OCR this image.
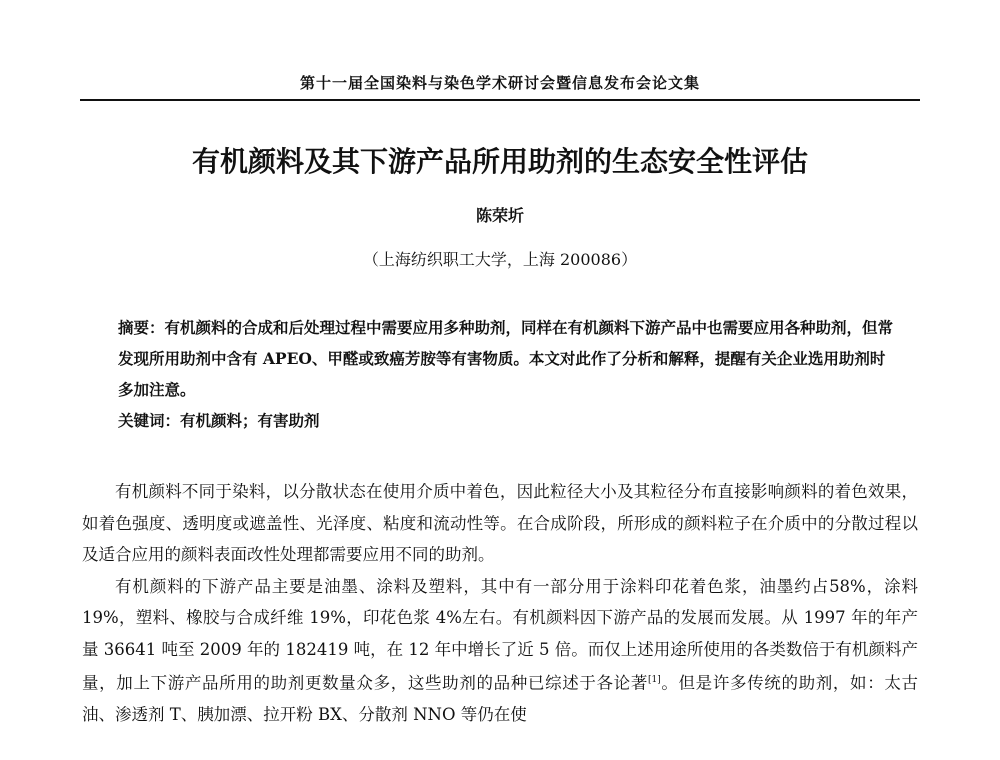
第十一届全国染料与染色学术研讨会暨信息发布会论文集
有机颜料及其下游产品所用助剂的生态安全性评估
陈荣圻
（上海纺织职工大学，上海 200086）
摘要：有机颜料的合成和后处理过程中需要应用多种助剂，同样在有机颜料下游产品中也需要应用各种助剂，但常发现所用助剂中含有 APEO、甲醛或致癌芳胺等有害物质。本文对此作了分析和解释，提醒有关企业选用助剂时多加注意。
关键词：有机颜料；有害助剂

有机颜料不同于染料，以分散状态在使用介质中着色，因此粒径大小及其粒径分布直接影响颜料的着色效果，如着色强度、透明度或遮盖性、光泽度、粘度和流动性等。在合成阶段，所形成的颜料粒子在介质中的分散过程以及适合应用的颜料表面改性处理都需要应用不同的助剂。

有机颜料的下游产品主要是油墨、涂料及塑料，其中有一部分用于涂料印花着色浆，油墨约占58%，涂料 19%，塑料、橡胶与合成纤维 19%，印花色浆 4%左右。有机颜料因下游产品的发展而发展。从 1997 年的年产量 36641 吨至 2009 年的 182419 吨，在 12 年中增长了近 5 倍。而仅上述用途所使用的各类数倍于有机颜料产量，加上下游产品所用的助剂更数量众多，这些助剂的品种已综述于各论著[1]。但是许多传统的助剂，如：太古油、渗透剂 T、胰加漂、拉开粉 BX、分散剂 NNO 等仍在使
